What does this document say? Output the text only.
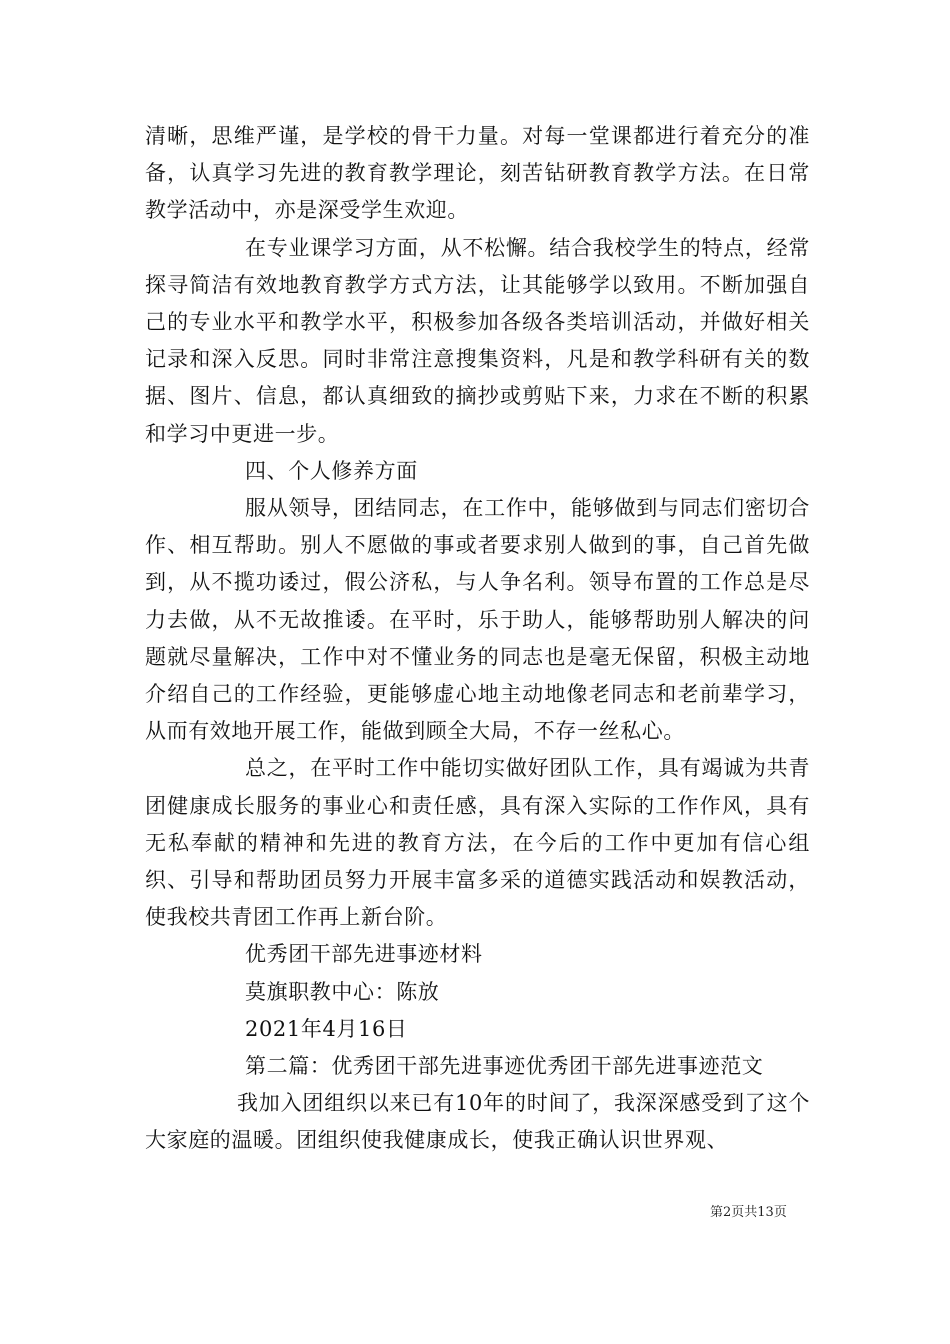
清晰，思维严谨，是学校的骨干力量。对每一堂课都进行着充分的准备，认真学习先进的教育教学理论，刻苦钻研教育教学方法。在日常教学活动中，亦是深受学生欢迎。

在专业课学习方面，从不松懈。结合我校学生的特点，经常探寻简洁有效地教育教学方式方法，让其能够学以致用。不断加强自己的专业水平和教学水平，积极参加各级各类培训活动，并做好相关记录和深入反思。同时非常注意搜集资料，凡是和教学科研有关的数据、图片、信息，都认真细致的摘抄或剪贴下来，力求在不断的积累和学习中更进一步。

四、个人修养方面

服从领导，团结同志，在工作中，能够做到与同志们密切合作、相互帮助。别人不愿做的事或者要求别人做到的事，自己首先做到，从不揽功诿过，假公济私，与人争名利。领导布置的工作总是尽力去做，从不无故推诿。在平时，乐于助人，能够帮助别人解决的问题就尽量解决，工作中对不懂业务的同志也是毫无保留，积极主动地介绍自己的工作经验，更能够虚心地主动地像老同志和老前辈学习，从而有效地开展工作，能做到顾全大局，不存一丝私心。

总之，在平时工作中能切实做好团队工作，具有竭诚为共青团健康成长服务的事业心和责任感，具有深入实际的工作作风，具有无私奉献的精神和先进的教育方法，在今后的工作中更加有信心组织、引导和帮助团员努力开展丰富多采的道德实践活动和娱教活动，使我校共青团工作再上新台阶。

优秀团干部先进事迹材料

莫旗职教中心：陈放

2021年4月16日

第二篇：优秀团干部先进事迹优秀团干部先进事迹范文

我加入团组织以来已有10年的时间了，我深深感受到了这个大家庭的温暖。团组织使我健康成长，使我正确认识世界观、

第2页共13页
